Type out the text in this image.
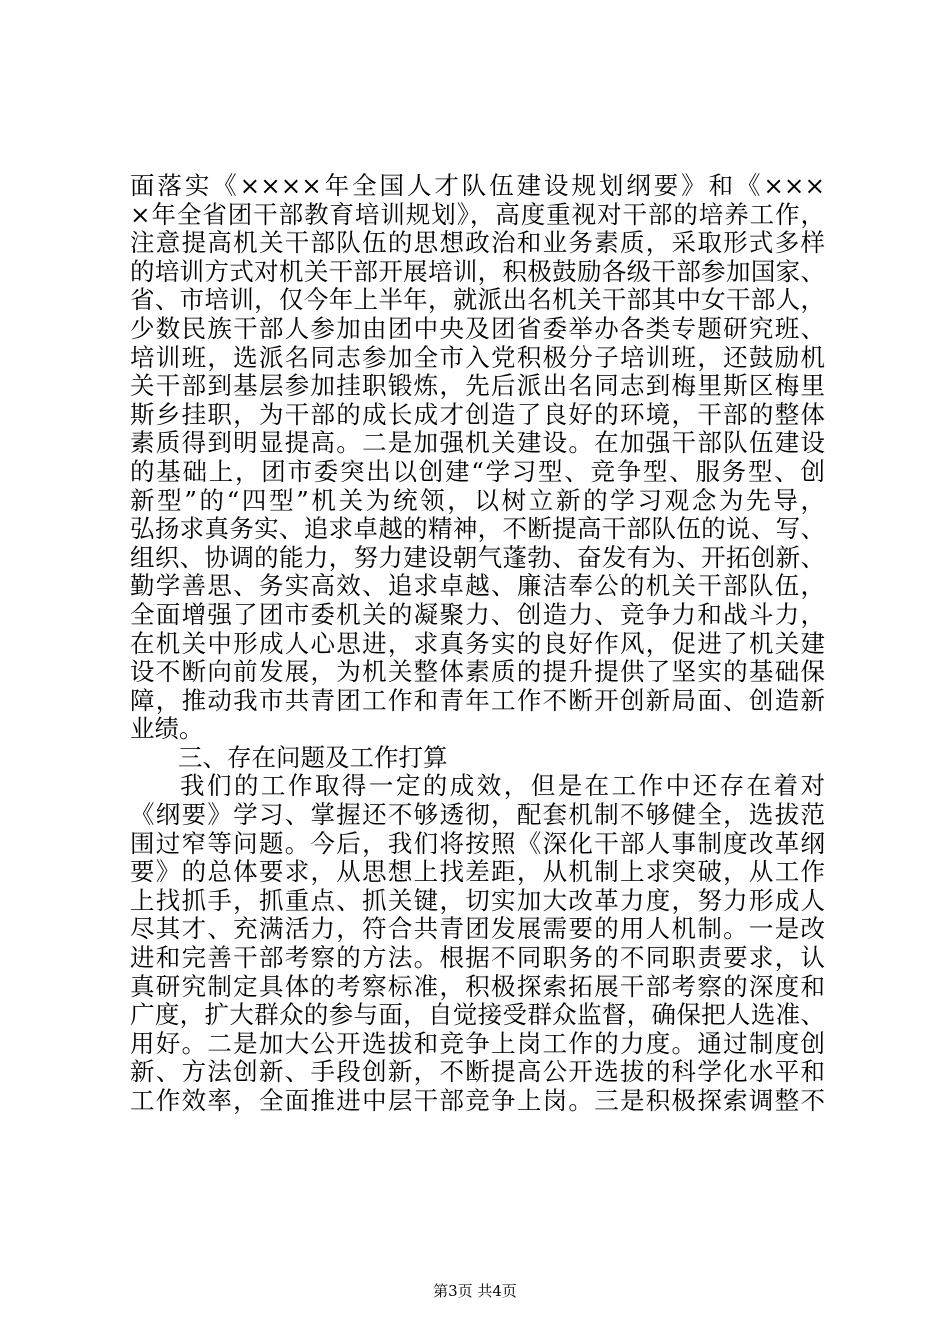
面落实《××××年全国人才队伍建设规划纲要》和《×××
×年全省团干部教育培训规划》，高度重视对干部的培养工作，
注意提高机关干部队伍的思想政治和业务素质，采取形式多样
的培训方式对机关干部开展培训，积极鼓励各级干部参加国家、
省、市培训，仅今年上半年，就派出名机关干部其中女干部人，
少数民族干部人参加由团中央及团省委举办各类专题研究班、
培训班，选派名同志参加全市入党积极分子培训班，还鼓励机
关干部到基层参加挂职锻炼，先后派出名同志到梅里斯区梅里
斯乡挂职，为干部的成长成才创造了良好的环境，干部的整体
素质得到明显提高。二是加强机关建设。在加强干部队伍建设
的基础上，团市委突出以创建“学习型、竞争型、服务型、创
新型”的“四型”机关为统领，以树立新的学习观念为先导，
弘扬求真务实、追求卓越的精神，不断提高干部队伍的说、写、
组织、协调的能力，努力建设朝气蓬勃、奋发有为、开拓创新、
勤学善思、务实高效、追求卓越、廉洁奉公的机关干部队伍，
全面增强了团市委机关的凝聚力、创造力、竞争力和战斗力，
在机关中形成人心思进，求真务实的良好作风，促进了机关建
设不断向前发展，为机关整体素质的提升提供了坚实的基础保
障，推动我市共青团工作和青年工作不断开创新局面、创造新
业绩。
三、存在问题及工作打算
我们的工作取得一定的成效，但是在工作中还存在着对
《纲要》学习、掌握还不够透彻，配套机制不够健全，选拔范
围过窄等问题。今后，我们将按照《深化干部人事制度改革纲
要》的总体要求，从思想上找差距，从机制上求突破，从工作
上找抓手，抓重点、抓关键，切实加大改革力度，努力形成人
尽其才、充满活力，符合共青团发展需要的用人机制。一是改
进和完善干部考察的方法。根据不同职务的不同职责要求，认
真研究制定具体的考察标准，积极探索拓展干部考察的深度和
广度，扩大群众的参与面，自觉接受群众监督，确保把人选准、
用好。二是加大公开选拔和竞争上岗工作的力度。通过制度创
新、方法创新、手段创新，不断提高公开选拔的科学化水平和
工作效率，全面推进中层干部竞争上岗。三是积极探索调整不
第3页 共4页
